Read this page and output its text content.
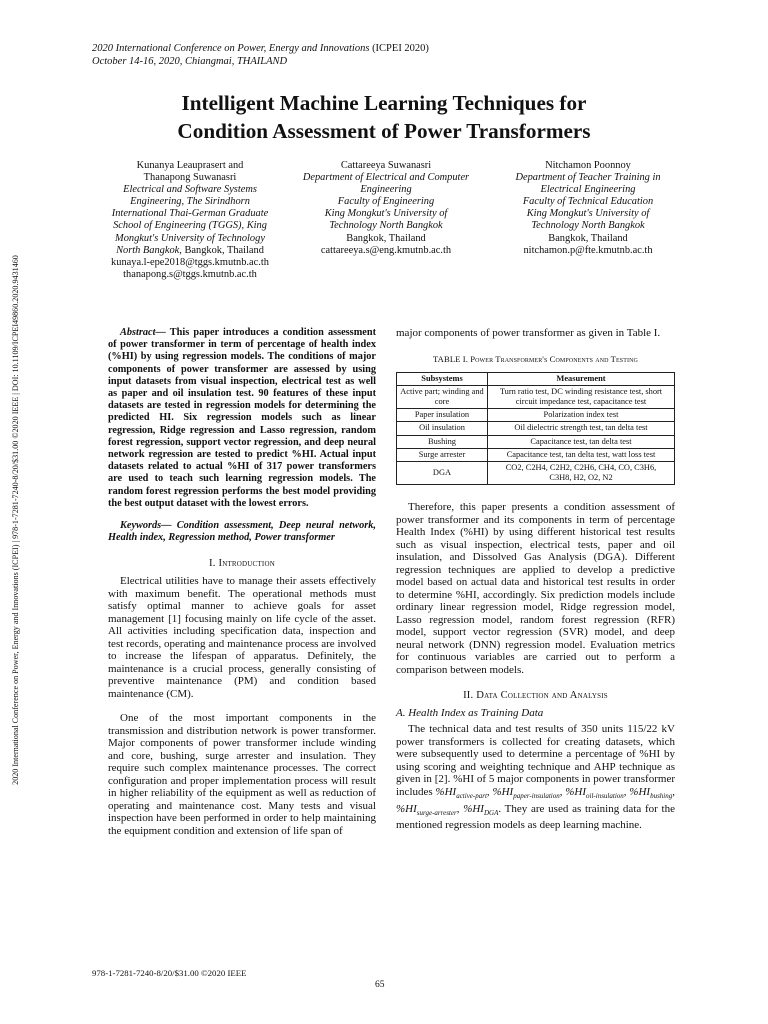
2020 International Conference on Power, Energy and Innovations (ICPEI) | 978-1-7281-7240-8/20/$31.00 ©2020 IEEE | DOI: 10.1109/ICPEI49860.2020.9431460
2020 International Conference on Power, Energy and Innovations (ICPEI 2020)
October 14-16, 2020, Chiangmai, THAILAND
Intelligent Machine Learning Techniques for
Condition Assessment of Power Transformers
Kunanya Leauprasert and
Thanapong Suwanasri
Electrical and Software Systems
Engineering, The Sirindhorn
International Thai-German Graduate
School of Engineering (TGGS), King
Mongkut's University of Technology
North Bangkok, Bangkok, Thailand
kunaya.l-epe2018@tggs.kmutnb.ac.th
thanapong.s@tggs.kmutnb.ac.th
Cattareeya Suwanasri
Department of Electrical and Computer
Engineering
Faculty of Engineering
King Mongkut's University of
Technology North Bangkok
Bangkok, Thailand
cattareeya.s@eng.kmutnb.ac.th
Nitchamon Poonnoy
Department of Teacher Training in
Electrical Engineering
Faculty of Technical Education
King Mongkut's University of
Technology North Bangkok
Bangkok, Thailand
nitchamon.p@fte.kmutnb.ac.th

Abstract— This paper introduces a condition assessment of power transformer in term of percentage of health index (%HI) by using regression models. The conditions of major components of power transformer are assessed by using input datasets from visual inspection, electrical test as well as paper and oil insulation test. 90 features of these input datasets are tested in regression models for determining the predicted HI. Six regression models such as linear regression, Ridge regression and Lasso regression, random forest regression, support vector regression, and deep neural network regression are tested to predict %HI. Actual input datasets related to actual %HI of 317 power transformers are used to teach such learning regression models. The random forest regression performs the best model providing the best output dataset with the lowest errors.

Keywords— Condition assessment, Deep neural network, Health index, Regression method, Power transformer

I. Introduction

Electrical utilities have to manage their assets effectively with maximum benefit. The operational methods must satisfy optimal manner to achieve goals for asset management [1] focusing mainly on life cycle of the asset. All activities including specification data, inspection and test records, operating and maintenance process are involved to increase the lifespan of apparatus. Definitely, the maintenance is a crucial process, generally consisting of preventive maintenance (PM) and condition based maintenance (CM).

One of the most important components in the transmission and distribution network is power transformer. Major components of power transformer include winding and core, bushing, surge arrester and insulation. They require such complex maintenance processes. The correct configuration and proper implementation process will result in higher reliability of the equipment as well as reduction of operating and maintenance cost. Many tests and visual inspection have been performed in order to help maintaining the equipment condition and extension of life span of

major components of power transformer as given in Table I.

TABLE I. Power Transformer's Components and Testing
Subsystems	Measurement
Active part; winding and core	Turn ratio test, DC winding resistance test, short circuit impedance test, capacitance test
Paper insulation	Polarization index test
Oil insulation	Oil dielectric strength test, tan delta test
Bushing	Capacitance test, tan delta test
Surge arrester	Capacitance test, tan delta test, watt loss test
DGA	CO2, C2H4, C2H2, C2H6, CH4, CO, C3H6,
C3H8, H2, O2, N2

Therefore, this paper presents a condition assessment of power transformer and its components in term of percentage Health Index (%HI) by using different historical test results such as visual inspection, electrical tests, paper and oil insulation, and Dissolved Gas Analysis (DGA). Different regression techniques are applied to develop a predictive model based on actual data and historical test results in order to determine %HI, accordingly. Six prediction models include ordinary linear regression model, Ridge regression model, Lasso regression model, random forest regression (RFR) model, support vector regression (SVR) model, and deep neural network (DNN) regression model. Evaluation metrics for continuous variables are carried out to perform a comparison between models.

II. Data Collection and Analysis
A. Health Index as Training Data

The technical data and test results of 350 units 115/22 kV power transformers is collected for creating datasets, which were subsequently used to determine a percentage of %HI by using scoring and weighting technique and AHP technique as given in [2]. %HI of 5 major components in power transformer includes $\%HI_{active-part}$, $\%HI_{paper-insulation}$, $\%HI_{oil-insulation}$, $\%HI_{bushing}$, $\%HI_{surge-arrester}$, $\%HI_{DGA}$. They are used as training data for the mentioned regression models as deep learning machine.

978-1-7281-7240-8/20/$31.00 ©2020 IEEE
65
